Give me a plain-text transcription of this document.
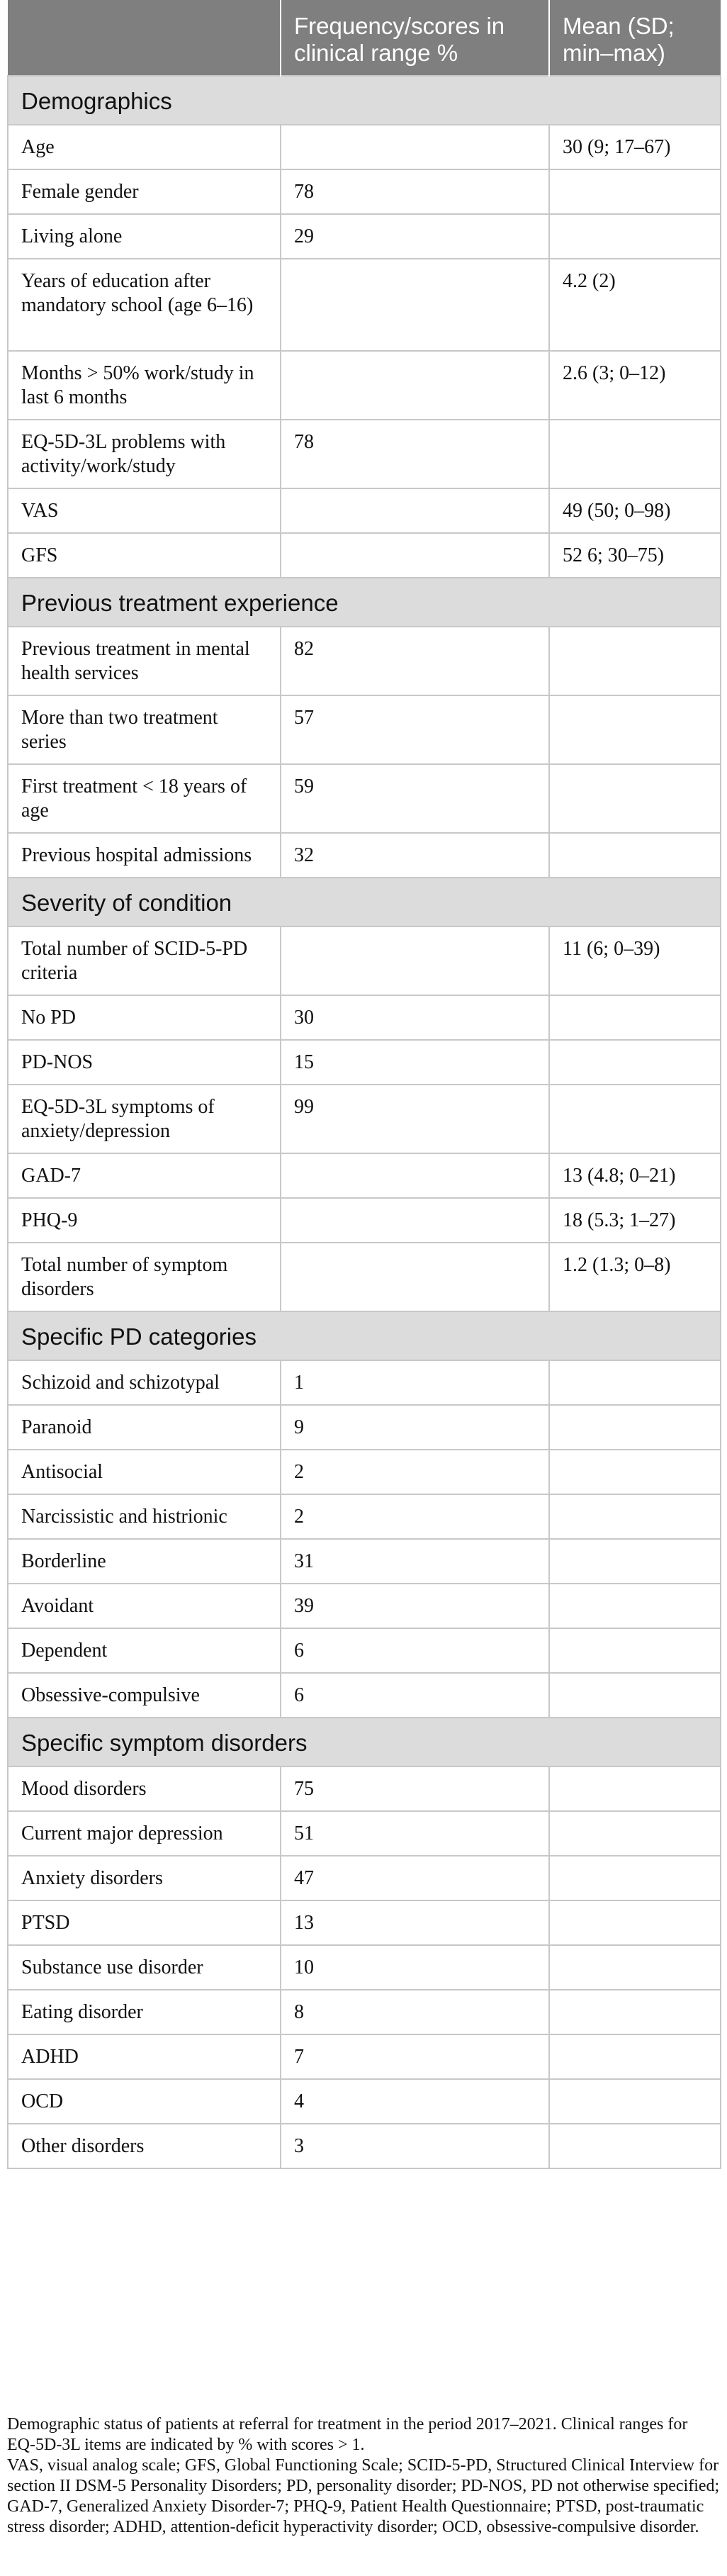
	Frequency/scores in clinical range %	Mean (SD; min–max)
Demographics		
Age		30 (9; 17–67)
Female gender	78	
Living alone	29	
Years of education after mandatory school (age 6–16)		4.2 (2)
Months > 50% work/study in last 6 months		2.6 (3; 0–12)
EQ-5D-3L problems with activity/work/study	78	
VAS		49 (50; 0–98)
GFS		52 6; 30–75)
Previous treatment experience		
Previous treatment in mental health services	82	
More than two treatment series	57	
First treatment < 18 years of age	59	
Previous hospital admissions	32	
Severity of condition		
Total number of SCID-5-PD criteria		11 (6; 0–39)
No PD	30	
PD-NOS	15	
EQ-5D-3L symptoms of anxiety/depression	99	
GAD-7		13 (4.8; 0–21)
PHQ-9		18 (5.3; 1–27)
Total number of symptom disorders		1.2 (1.3; 0–8)
Specific PD categories		
Schizoid and schizotypal	1	
Paranoid	9	
Antisocial	2	
Narcissistic and histrionic	2	
Borderline	31	
Avoidant	39	
Dependent	6	
Obsessive-compulsive	6	
Specific symptom disorders		
Mood disorders	75	
Current major depression	51	
Anxiety disorders	47	
PTSD	13	
Substance use disorder	10	
Eating disorder	8	
ADHD	7	
OCD	4	
Other disorders	3	

Demographic status of patients at referral for treatment in the period 2017–2021. Clinical ranges for EQ-5D-3L items are indicated by % with scores > 1.

VAS, visual analog scale; GFS, Global Functioning Scale; SCID-5-PD, Structured Clinical Interview for section II DSM-5 Personality Disorders; PD, personality disorder; PD-NOS, PD not otherwise specified; GAD-7, Generalized Anxiety Disorder-7; PHQ-9, Patient Health Questionnaire; PTSD, post-traumatic stress disorder; ADHD, attention-deficit hyperactivity disorder; OCD, obsessive-compulsive disorder.
